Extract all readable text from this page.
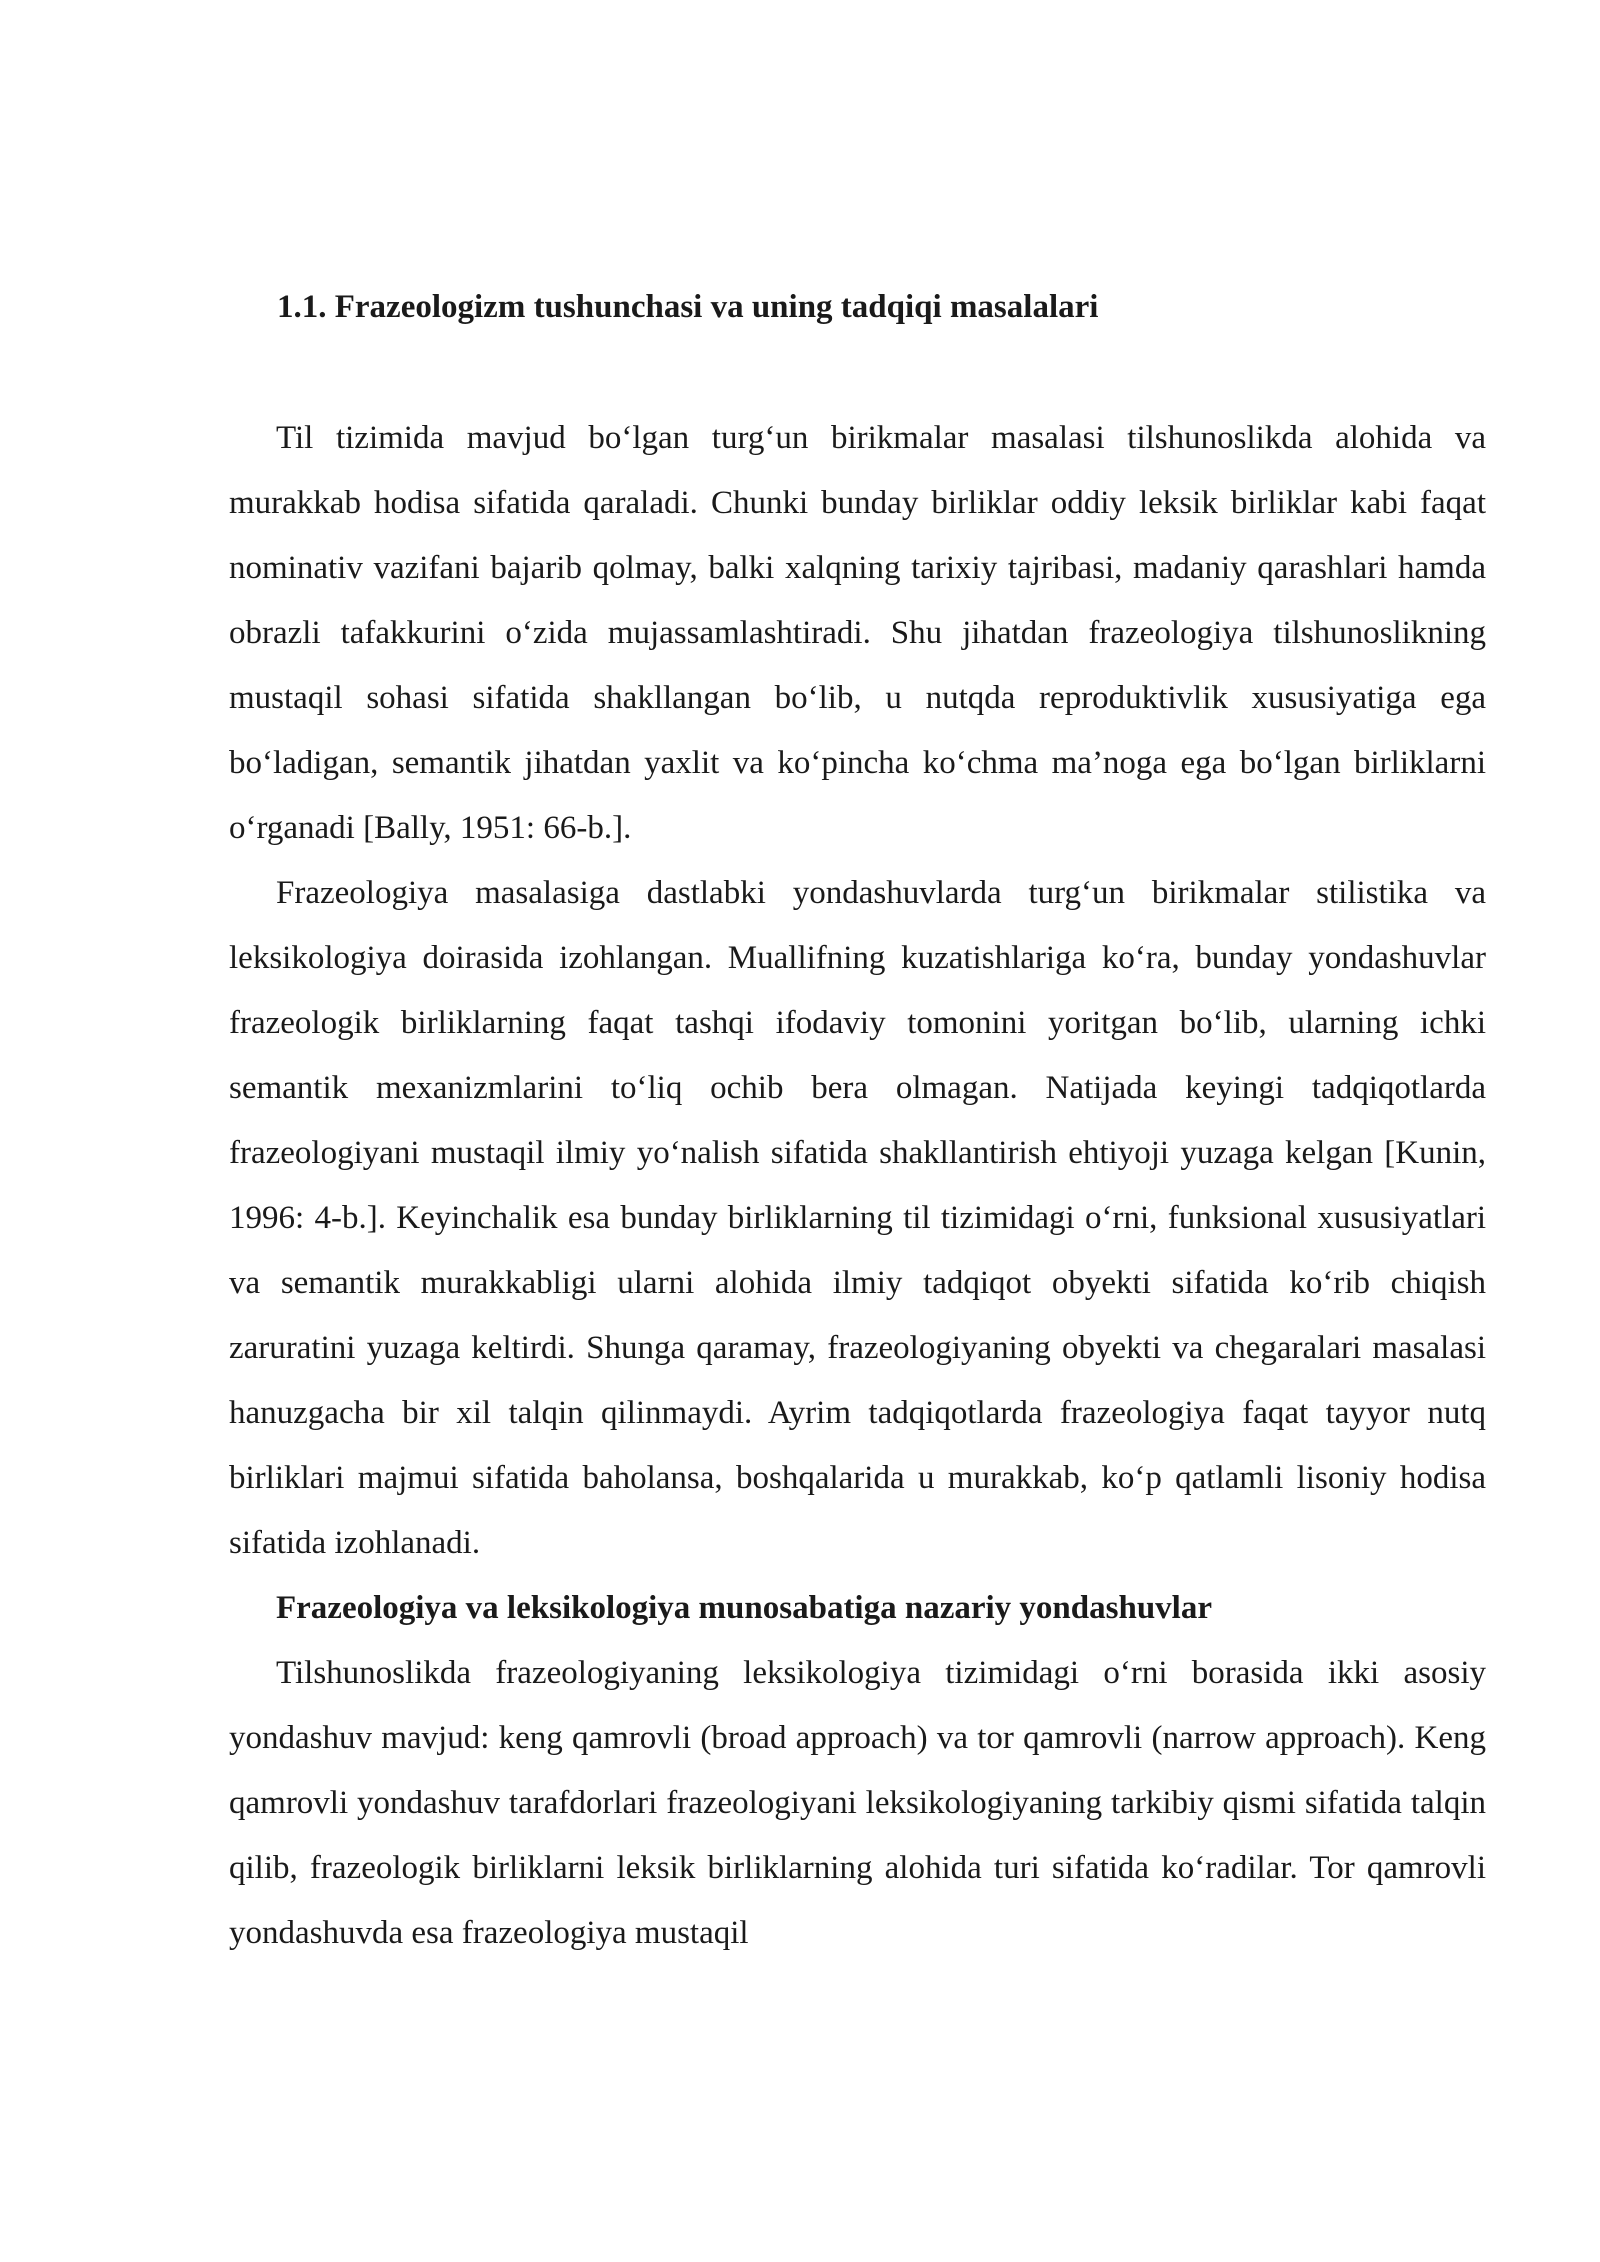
1.1. Frazeologizm tushunchasi va uning tadqiqi masalalari

Til tizimida mavjud bo‘lgan turg‘un birikmalar masalasi tilshunoslikda alohida va murakkab hodisa sifatida qaraladi. Chunki bunday birliklar oddiy leksik birliklar kabi faqat nominativ vazifani bajarib qolmay, balki xalqning tarixiy tajribasi, madaniy qarashlari hamda obrazli tafakkurini o‘zida mujassamlashtiradi. Shu jihatdan frazeologiya tilshunoslikning mustaqil sohasi sifatida shakllangan bo‘lib, u nutqda reproduktivlik xususiyatiga ega bo‘ladigan, semantik jihatdan yaxlit va ko‘pincha ko‘chma ma’noga ega bo‘lgan birliklarni o‘rganadi [Bally, 1951: 66-b.].

Frazeologiya masalasiga dastlabki yondashuvlarda turg‘un birikmalar stilistika va leksikologiya doirasida izohlangan. Muallifning kuzatishlariga ko‘ra, bunday yondashuvlar frazeologik birliklarning faqat tashqi ifodaviy tomonini yoritgan bo‘lib, ularning ichki semantik mexanizmlarini to‘liq ochib bera olmagan. Natijada keyingi tadqiqotlarda frazeologiyani mustaqil ilmiy yo‘nalish sifatida shakllantirish ehtiyoji yuzaga kelgan [Kunin, 1996: 4-b.]. Keyinchalik esa bunday birliklarning til tizimidagi o‘rni, funksional xususiyatlari va semantik murakkabligi ularni alohida ilmiy tadqiqot obyekti sifatida ko‘rib chiqish zaruratini yuzaga keltirdi. Shunga qaramay, frazeologiyaning obyekti va chegaralari masalasi hanuzgacha bir xil talqin qilinmaydi. Ayrim tadqiqotlarda frazeologiya faqat tayyor nutq birliklari majmui sifatida baholansa, boshqalarida u murakkab, ko‘p qatlamli lisoniy hodisa sifatida izohlanadi.

Frazeologiya va leksikologiya munosabatiga nazariy yondashuvlar

Tilshunoslikda frazeologiyaning leksikologiya tizimidagi o‘rni borasida ikki asosiy yondashuv mavjud: keng qamrovli (broad approach) va tor qamrovli (narrow approach). Keng qamrovli yondashuv tarafdorlari frazeologiyani leksikologiyaning tarkibiy qismi sifatida talqin qilib, frazeologik birliklarni leksik birliklarning alohida turi sifatida ko‘radilar. Tor qamrovli yondashuvda esa frazeologiya mustaqil
